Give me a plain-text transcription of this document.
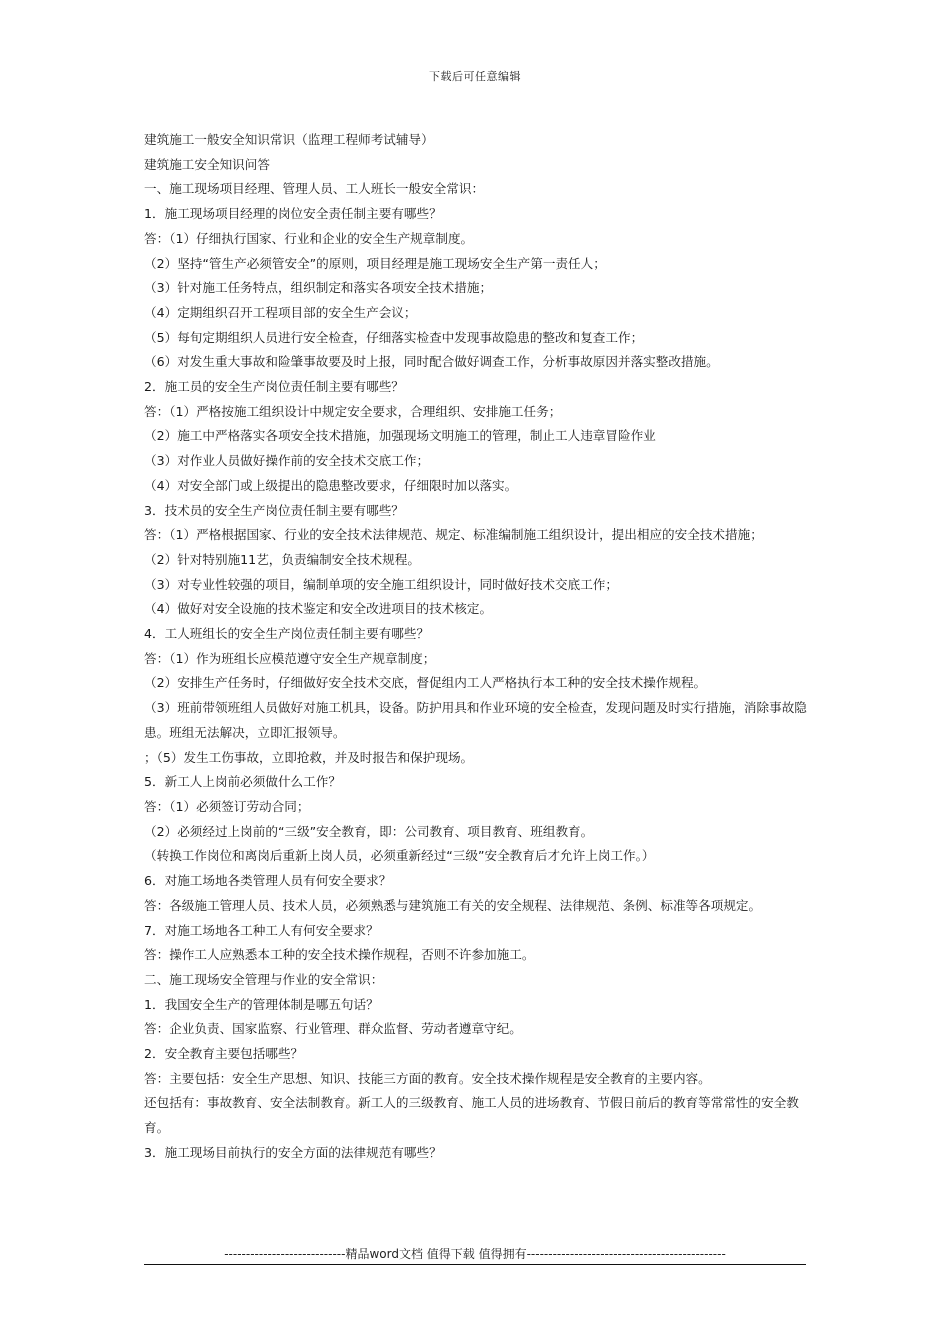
下载后可任意编辑

建筑施工一般安全知识常识（监理工程师考试辅导）

建筑施工安全知识问答

一、施工现场项目经理、管理人员、工人班长一般安全常识：

1．施工现场项目经理的岗位安全责任制主要有哪些？

答：（1）仔细执行国家、行业和企业的安全生产规章制度。

（2）坚持“管生产必须管安全”的原则，项目经理是施工现场安全生产第一责任人；

（3）针对施工任务特点，组织制定和落实各项安全技术措施；

（4）定期组织召开工程项目部的安全生产会议；

（5）每旬定期组织人员进行安全检查，仔细落实检查中发现事故隐患的整改和复查工作；

（6）对发生重大事故和险肇事故要及时上报，同时配合做好调查工作，分析事故原因并落实整改措施。

2．施工员的安全生产岗位责任制主要有哪些？

答：（1）严格按施工组织设计中规定安全要求，合理组织、安排施工任务；

（2）施工中严格落实各项安全技术措施，加强现场文明施工的管理，制止工人违章冒险作业

（3）对作业人员做好操作前的安全技术交底工作；

（4）对安全部门或上级提出的隐患整改要求，仔细限时加以落实。

3．技术员的安全生产岗位责任制主要有哪些？

答：（1）严格根据国家、行业的安全技术法律规范、规定、标准编制施工组织设计，提出相应的安全技术措施；

（2）针对特别施11艺，负责编制安全技术规程。

（3）对专业性较强的项目，编制单项的安全施工组织设计，同时做好技术交底工作；

（4）做好对安全设施的技术鉴定和安全改进项目的技术核定。

4．工人班组长的安全生产岗位责任制主要有哪些？

答：（1）作为班组长应模范遵守安全生产规章制度；

（2）安排生产任务时，仔细做好安全技术交底，督促组内工人严格执行本工种的安全技术操作规程。

（3）班前带领班组人员做好对施工机具，设备。防护用具和作业环境的安全检查，发现问题及时实行措施，消除事故隐患。班组无法解决，立即汇报领导。

；（5）发生工伤事故，立即抢救，并及时报告和保护现场。

5．新工人上岗前必须做什么工作？

答：（1）必须签订劳动合同；

（2）必须经过上岗前的“三级”安全教育，即：公司教育、项目教育、班组教育。

（转换工作岗位和离岗后重新上岗人员，必须重新经过“三级”安全教育后才允许上岗工作。）

6．对施工场地各类管理人员有何安全要求？

答：各级施工管理人员、技术人员，必须熟悉与建筑施工有关的安全规程、法律规范、条例、标准等各项规定。

7．对施工场地各工种工人有何安全要求？

答：操作工人应熟悉本工种的安全技术操作规程，否则不许参加施工。

二、施工现场安全管理与作业的安全常识：

1．我国安全生产的管理体制是哪五句话？

答：企业负责、国家监察、行业管理、群众监督、劳动者遵章守纪。

2．安全教育主要包括哪些？

答：主要包括：安全生产思想、知识、技能三方面的教育。安全技术操作规程是安全教育的主要内容。

还包括有：事故教育、安全法制教育。新工人的三级教育、施工人员的进场教育、节假日前后的教育等常常性的安全教育。

3．施工现场目前执行的安全方面的法律规范有哪些？

----------------------------精品word文档 值得下载 值得拥有----------------------------------------------
